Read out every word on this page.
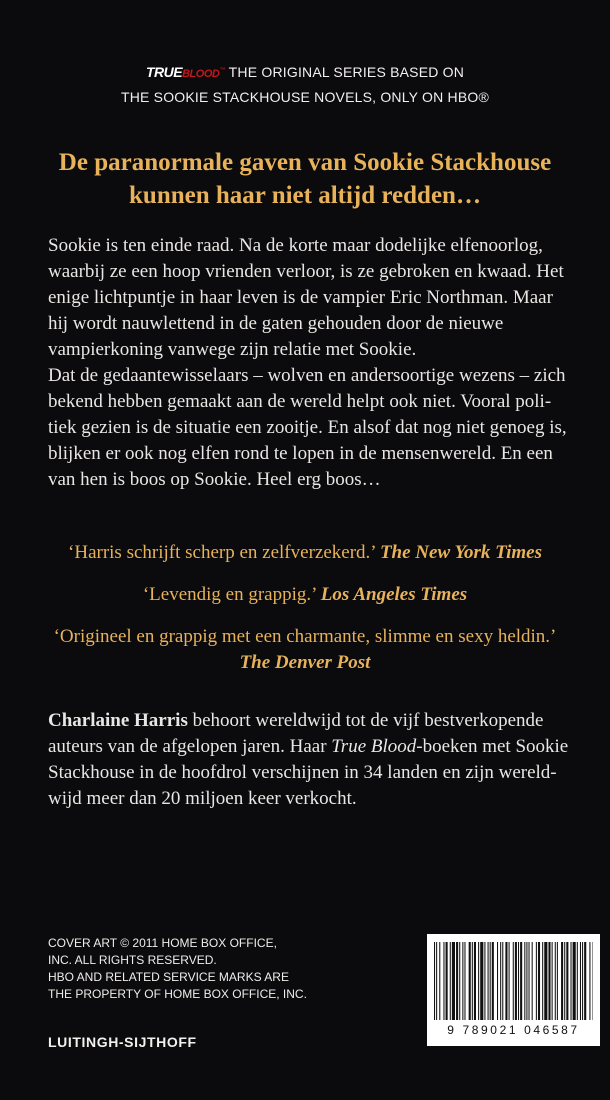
TRUEBLOOD™ THE ORIGINAL SERIES BASED ON
THE SOOKIE STACKHOUSE NOVELS, ONLY ON HBO®
De paranormale gaven van Sookie Stackhouse
kunnen haar niet altijd redden…

Sookie is ten einde raad. Na de korte maar dodelijke elfenoorlog,
waarbij ze een hoop vrienden verloor, is ze gebroken en kwaad. Het
enige lichtpuntje in haar leven is de vampier Eric Northman. Maar
hij wordt nauwlettend in de gaten gehouden door de nieuwe
vampierkoning vanwege zijn relatie met Sookie.

Dat de gedaantewisselaars – wolven en andersoortige wezens – zich
bekend hebben gemaakt aan de wereld helpt ook niet. Vooral poli-
tiek gezien is de situatie een zooitje. En alsof dat nog niet genoeg is,
blijken er ook nog elfen rond te lopen in de mensenwereld. En een
van hen is boos op Sookie. Heel erg boos…

‘Harris schrijft scherp en zelfverzekerd.’ The New York Times
‘Levendig en grappig.’ Los Angeles Times
‘Origineel en grappig met een charmante, slimme en sexy heldin.’
The Denver Post
Charlaine Harris behoort wereldwijd tot de vijf bestverkopende
auteurs van de afgelopen jaren. Haar True Blood-boeken met Sookie
Stackhouse in de hoofdrol verschijnen in 34 landen en zijn wereld-
wijd meer dan 20 miljoen keer verkocht.
COVER ART © 2011 HOME BOX OFFICE,
INC. ALL RIGHTS RESERVED.
HBO AND RELATED SERVICE MARKS ARE
THE PROPERTY OF HOME BOX OFFICE, INC.
LUITINGH-SIJTHOFF
9 789021 046587
